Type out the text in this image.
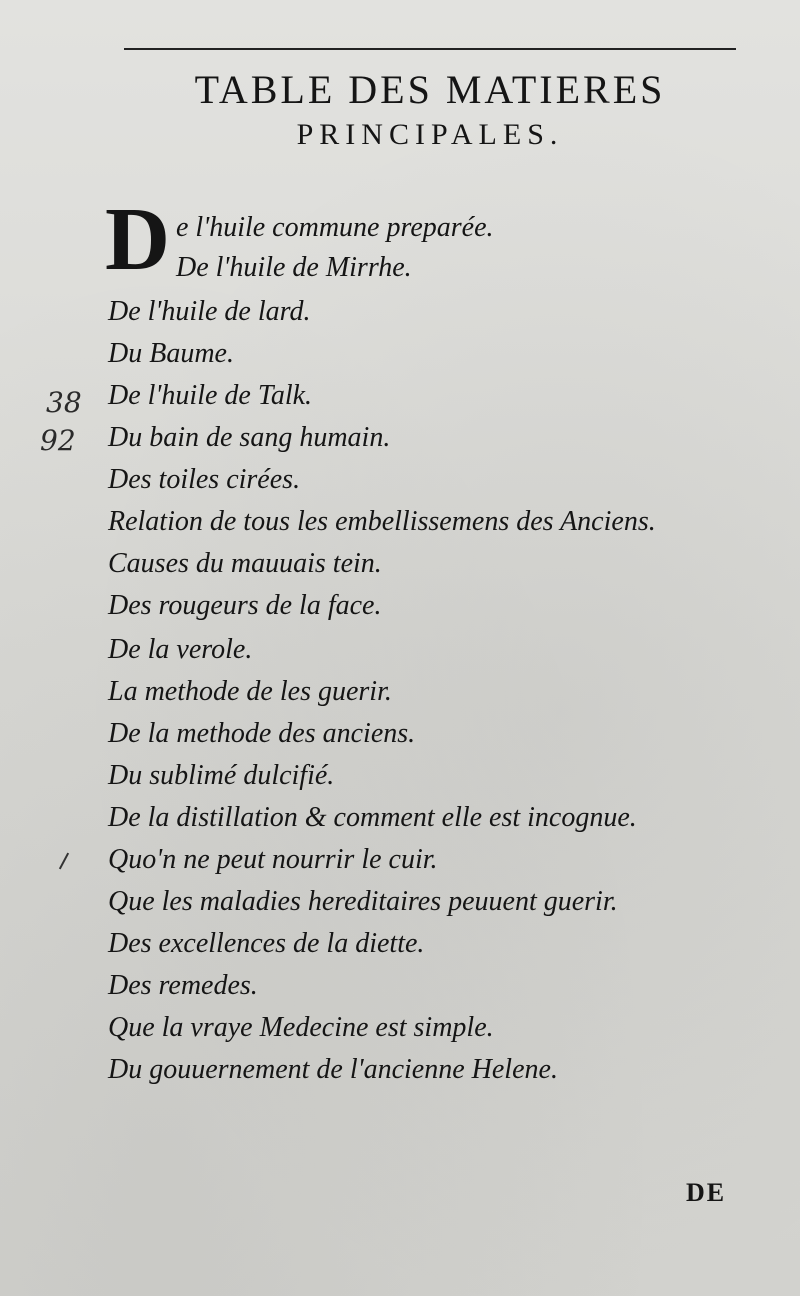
TABLE DES MATIERES
PRINCIPALES.
D e l'huile commune preparée.
De l'huile de Mirrhe.
De l'huile de lard.
Du Baume.
De l'huile de Talk.
Du bain de sang humain.
Des toiles cirées.
Relation de tous les embellissemens des Anciens.
Causes du mauuais tein.
Des rougeurs de la face.
De la verole.
La methode de les guerir.
De la methode des anciens.
Du sublimé dulcifié.
De la distillation & comment elle est incognue.
Quo'n ne peut nourrir le cuir.
Que les maladies hereditaires peuuent guerir.
Des excellences de la diette.
Des remedes.
Que la vraye Medecine est simple.
Du gouuernement de l'ancienne Helene.
38
92
DE
